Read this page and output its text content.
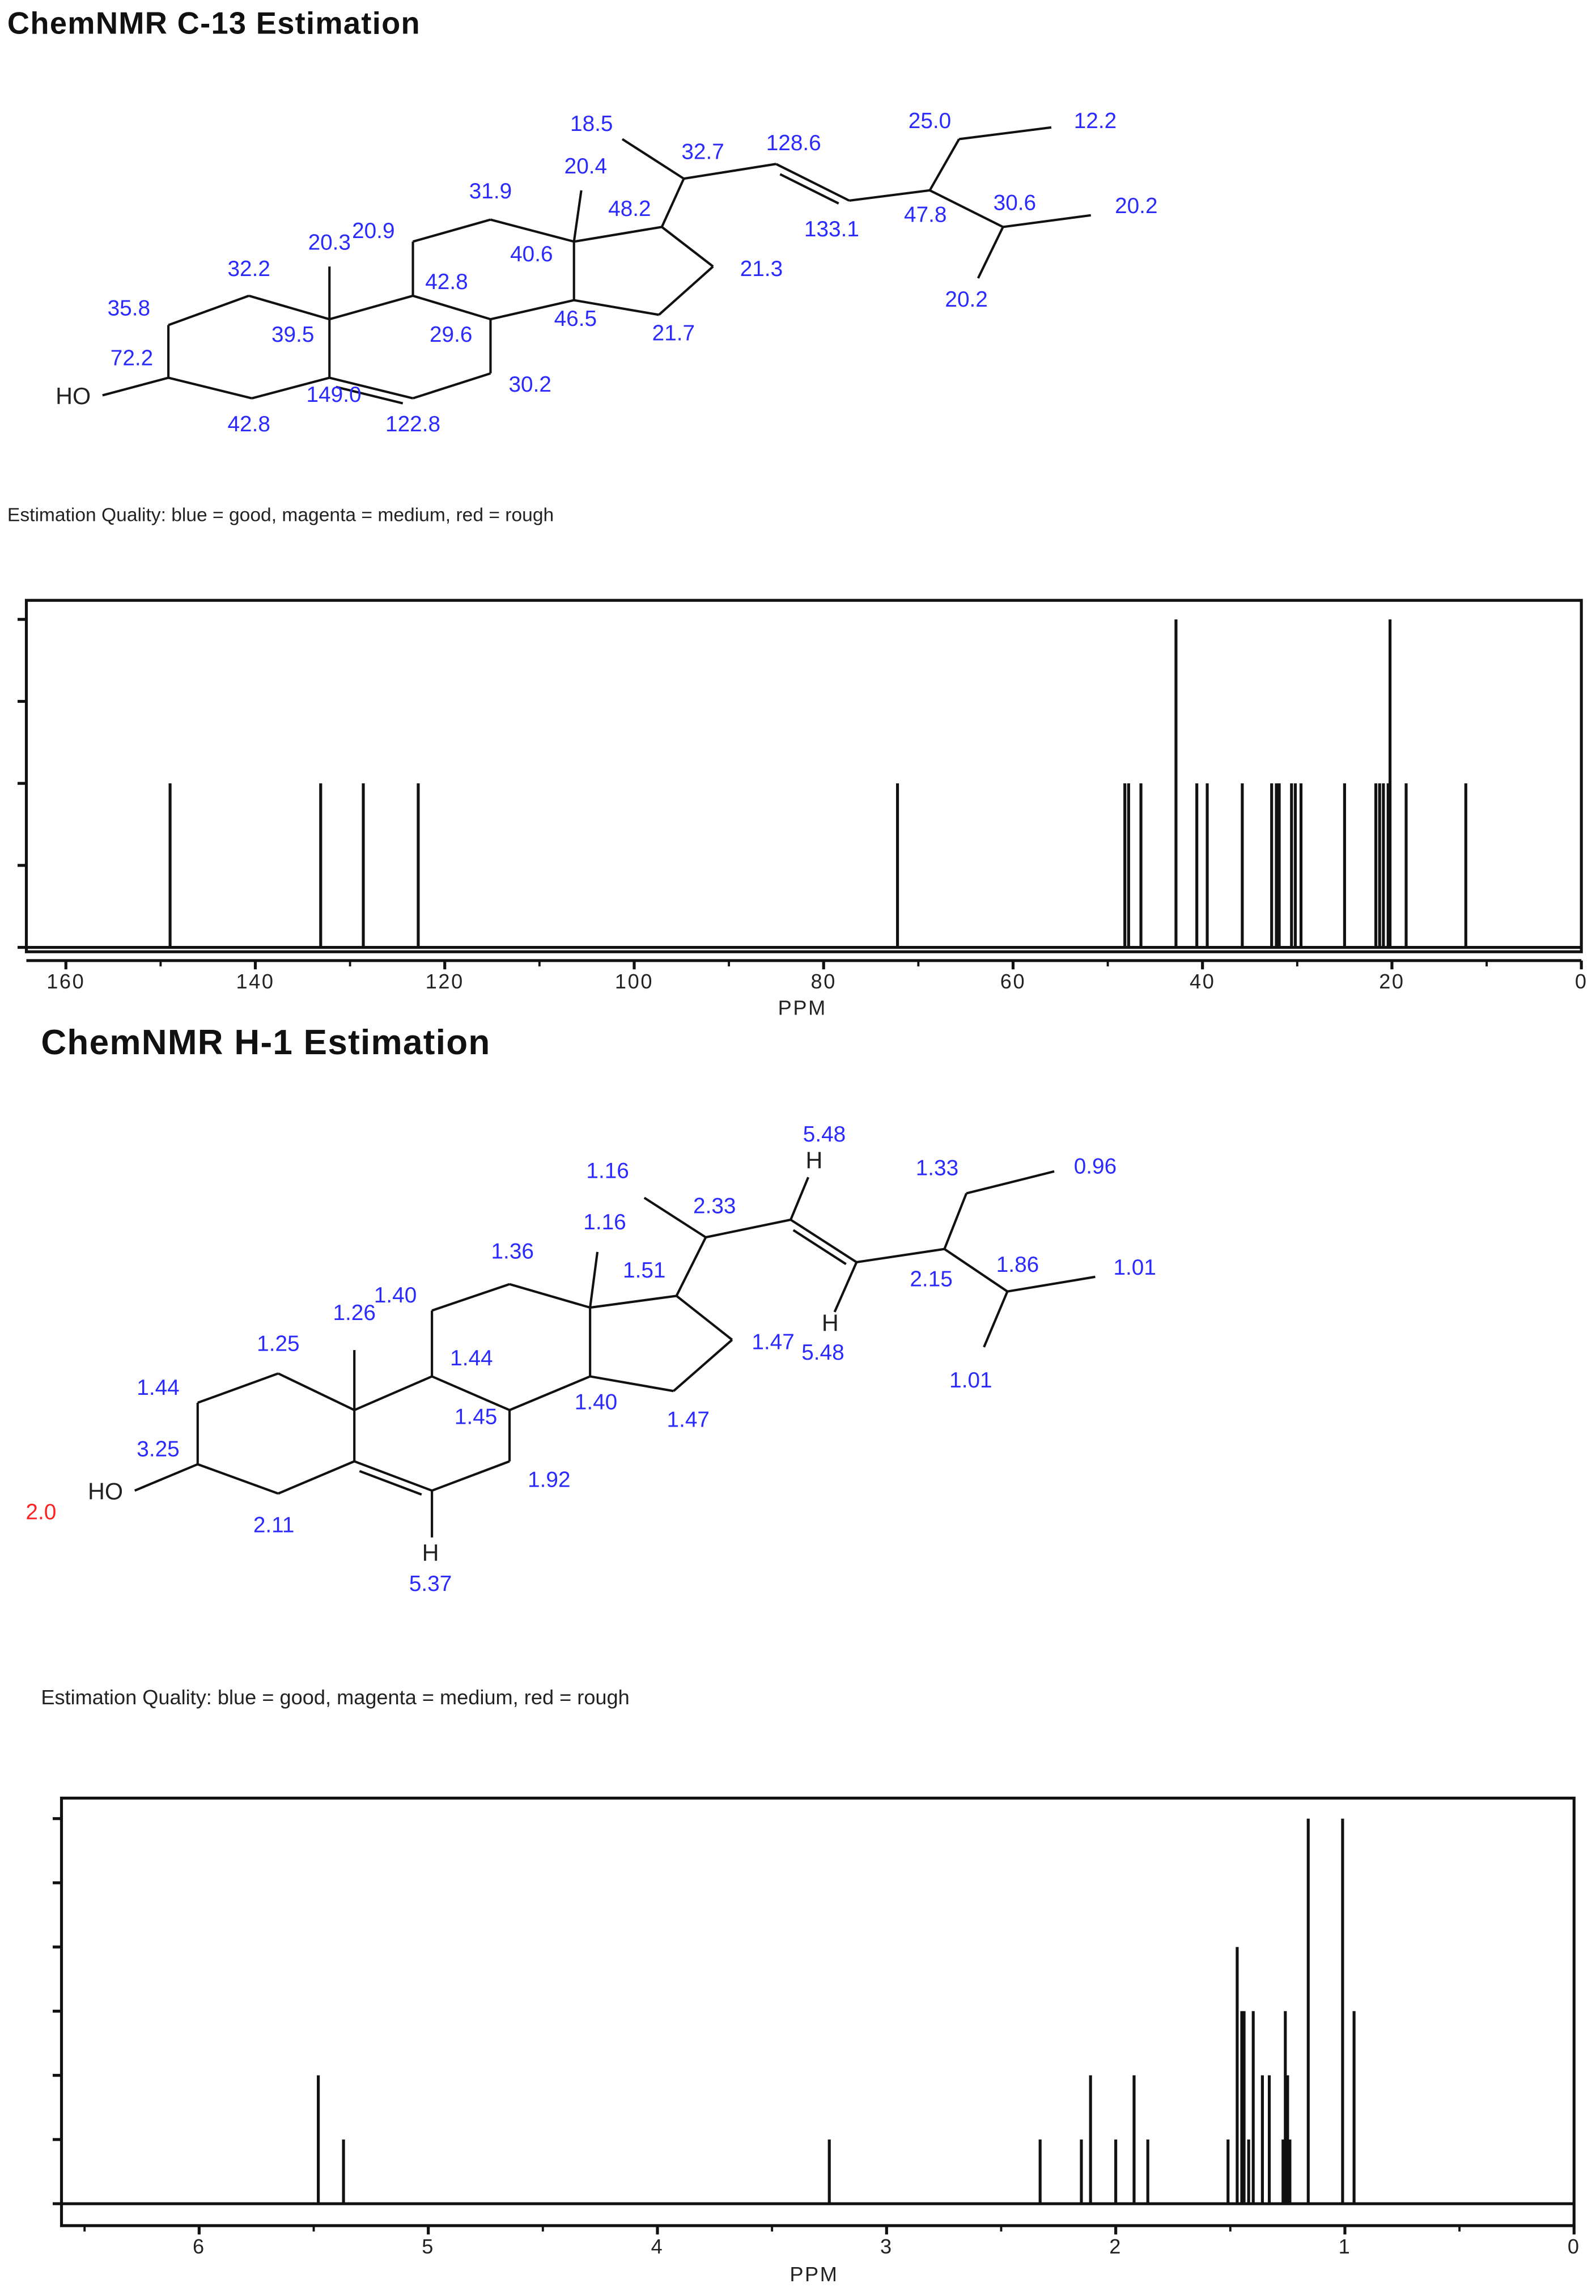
ChemNMR C-13 Estimation
HO
35.8
32.2
20.3 20.9
31.9
20.4
18.5
32.7	128.6
25.0	12.2
48.2
40.6
133.1
47.8	30.6	20.2
42.8
21.3
39.5	29.6
46.5
21.7
20.2
72.2
149.0	30.2
42.8	122.8
Estimation Quality: blue = good, magenta = medium, red = rough
160	140	120	100	80	60	40	20	0
PPM
ChemNMR H-1 Estimation
HO
2.0
H
H
H
1.16
2.33
5.48
1.33	0.96
1.16
1.36
1.51	1.86
2.15	1.01
1.40
1.26
1.25
1.44
1.47 5.48
1.01
1.44
1.45
1.40
1.47
3.25
1.92
2.11
5.37
Estimation Quality: blue = good, magenta = medium, red = rough
6	5	4	3	2	1	0
PPM
